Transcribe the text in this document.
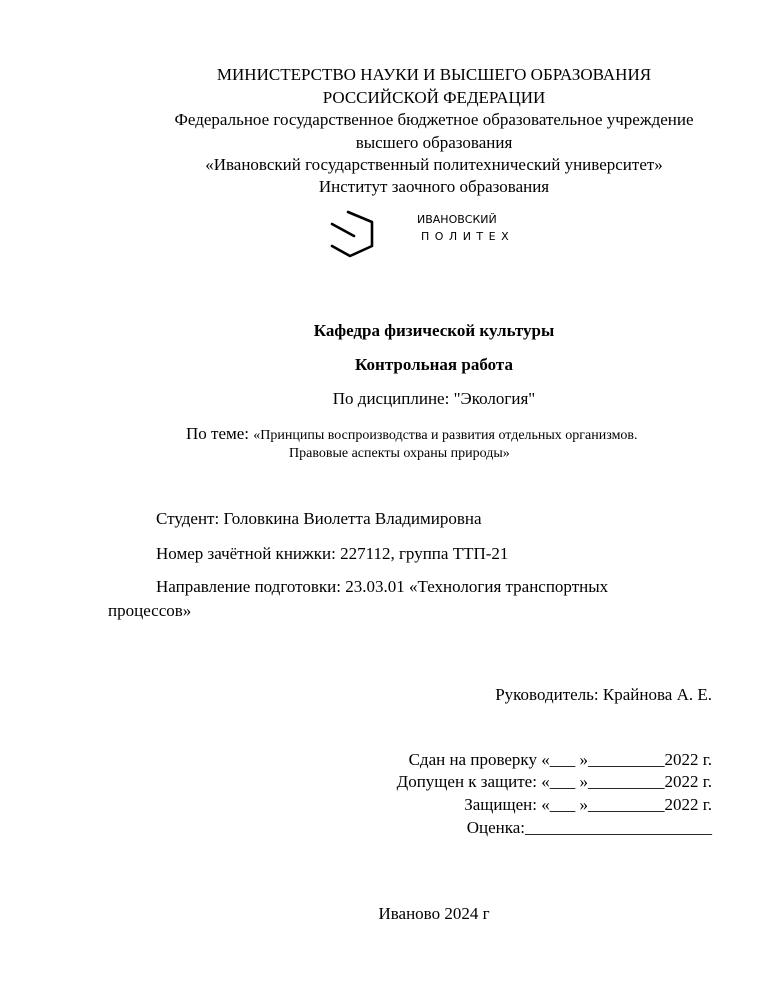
МИНИСТЕРСТВО НАУКИ И ВЫСШЕГО ОБРАЗОВАНИЯ
РОССИЙСКОЙ ФЕДЕРАЦИИ
Федеральное государственное бюджетное образовательное учреждение
высшего образования
«Ивановский государственный политехнический университет»
Институт заочного образования
ИВАНОВСКИЙ
П О Л И Т Е Х
Кафедра физической культуры
Контрольная работа
По дисциплине: "Экология"
По теме: «Принципы воспроизводства и развития отдельных организмов.
Правовые аспекты охраны природы»
Студент: Головкина Виолетта Владимировна
Номер зачётной книжки: 227112, группа ТТП-21
Направление подготовки: 23.03.01 «Технология транспортных
процессов»
Руководитель: Крайнова А. Е.
Сдан на проверку «___ »_________2022 г.
Допущен к защите: «___ »_________2022 г.
Защищен: «___ »_________2022 г.
Оценка:______________________
Иваново 2024 г
